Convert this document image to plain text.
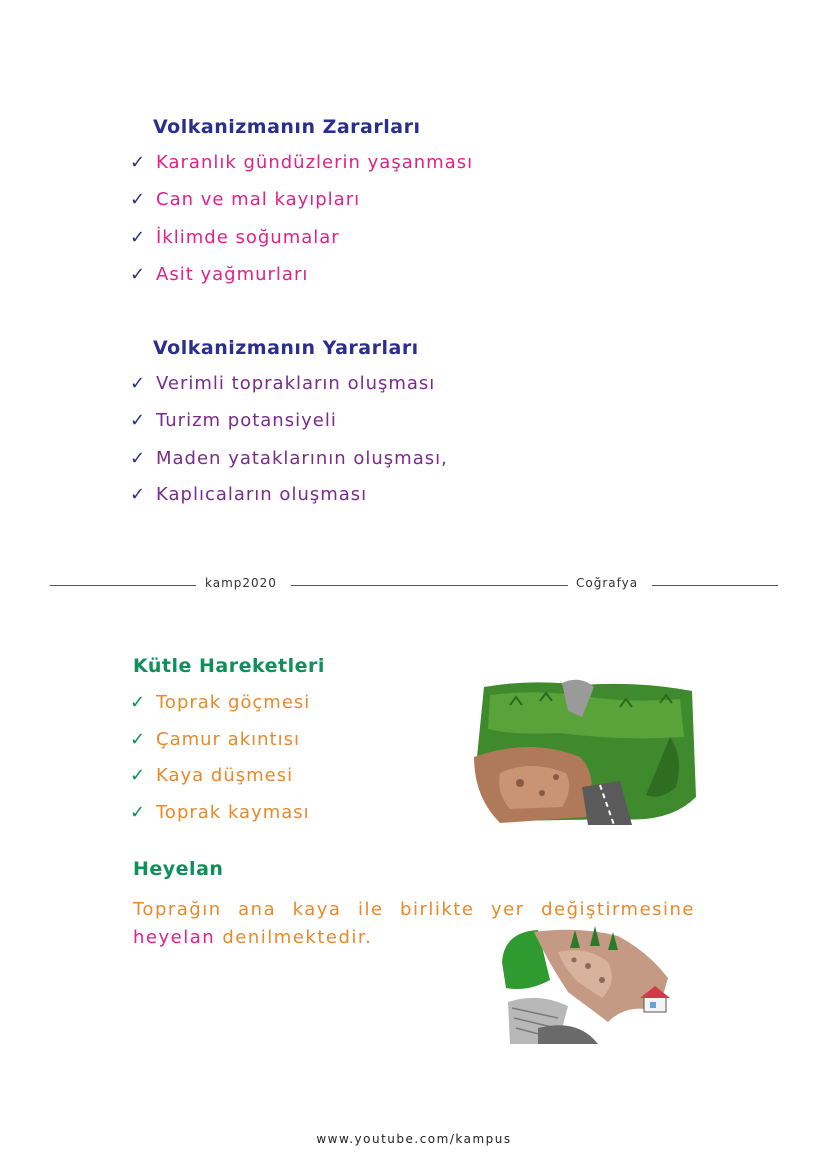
Volkanizmanın Zararları
✓ Karanlık gündüzlerin yaşanması
✓ Can ve mal kayıpları
✓ İklimde soğumalar
✓ Asit yağmurları
Volkanizmanın Yararları
✓ Verimli toprakların oluşması
✓ Turizm potansiyeli
✓ Maden yataklarının oluşması,
✓ Kaplıcaların oluşması
kamp2020	Coğrafya
Kütle Hareketleri
✓ Toprak göçmesi
✓ Çamur akıntısı
✓ Kaya düşmesi
✓ Toprak kayması
Heyelan
Toprağın ana kaya ile birlikte yer değiştirmesine heyelan denilmektedir.
www.youtube.com/kampus
